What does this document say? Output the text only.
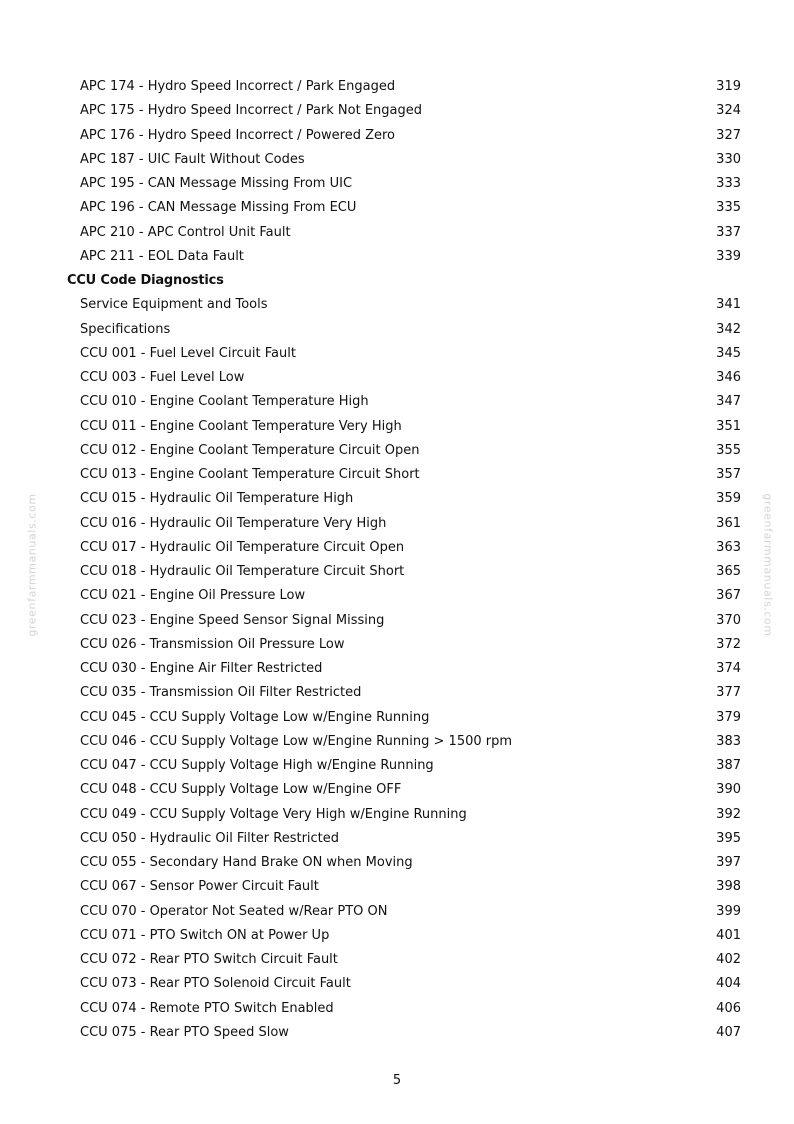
greenfarmmanuals.com	greenfarmmanuals.com
APC 174 - Hydro Speed Incorrect / Park Engaged	319
APC 175 - Hydro Speed Incorrect / Park Not Engaged	324
APC 176 - Hydro Speed Incorrect / Powered Zero	327
APC 187 - UIC Fault Without Codes	330
APC 195 - CAN Message Missing From UIC	333
APC 196 - CAN Message Missing From ECU	335
APC 210 - APC Control Unit Fault	337
APC 211 - EOL Data Fault	339
CCU Code Diagnostics
Service Equipment and Tools	341
Specifications	342
CCU 001 - Fuel Level Circuit Fault	345
CCU 003 - Fuel Level Low	346
CCU 010 - Engine Coolant Temperature High	347
CCU 011 - Engine Coolant Temperature Very High	351
CCU 012 - Engine Coolant Temperature Circuit Open	355
CCU 013 - Engine Coolant Temperature Circuit Short	357
CCU 015 - Hydraulic Oil Temperature High	359
CCU 016 - Hydraulic Oil Temperature Very High	361
CCU 017 - Hydraulic Oil Temperature Circuit Open	363
CCU 018 - Hydraulic Oil Temperature Circuit Short	365
CCU 021 - Engine Oil Pressure Low	367
CCU 023 - Engine Speed Sensor Signal Missing	370
CCU 026 - Transmission Oil Pressure Low	372
CCU 030 - Engine Air Filter Restricted	374
CCU 035 - Transmission Oil Filter Restricted	377
CCU 045 - CCU Supply Voltage Low w/Engine Running	379
CCU 046 - CCU Supply Voltage Low w/Engine Running > 1500 rpm	383
CCU 047 - CCU Supply Voltage High w/Engine Running	387
CCU 048 - CCU Supply Voltage Low w/Engine OFF	390
CCU 049 - CCU Supply Voltage Very High w/Engine Running	392
CCU 050 - Hydraulic Oil Filter Restricted	395
CCU 055 - Secondary Hand Brake ON when Moving	397
CCU 067 - Sensor Power Circuit Fault	398
CCU 070 - Operator Not Seated w/Rear PTO ON	399
CCU 071 - PTO Switch ON at Power Up	401
CCU 072 - Rear PTO Switch Circuit Fault	402
CCU 073 - Rear PTO Solenoid Circuit Fault	404
CCU 074 - Remote PTO Switch Enabled	406
CCU 075 - Rear PTO Speed Slow	407
5
